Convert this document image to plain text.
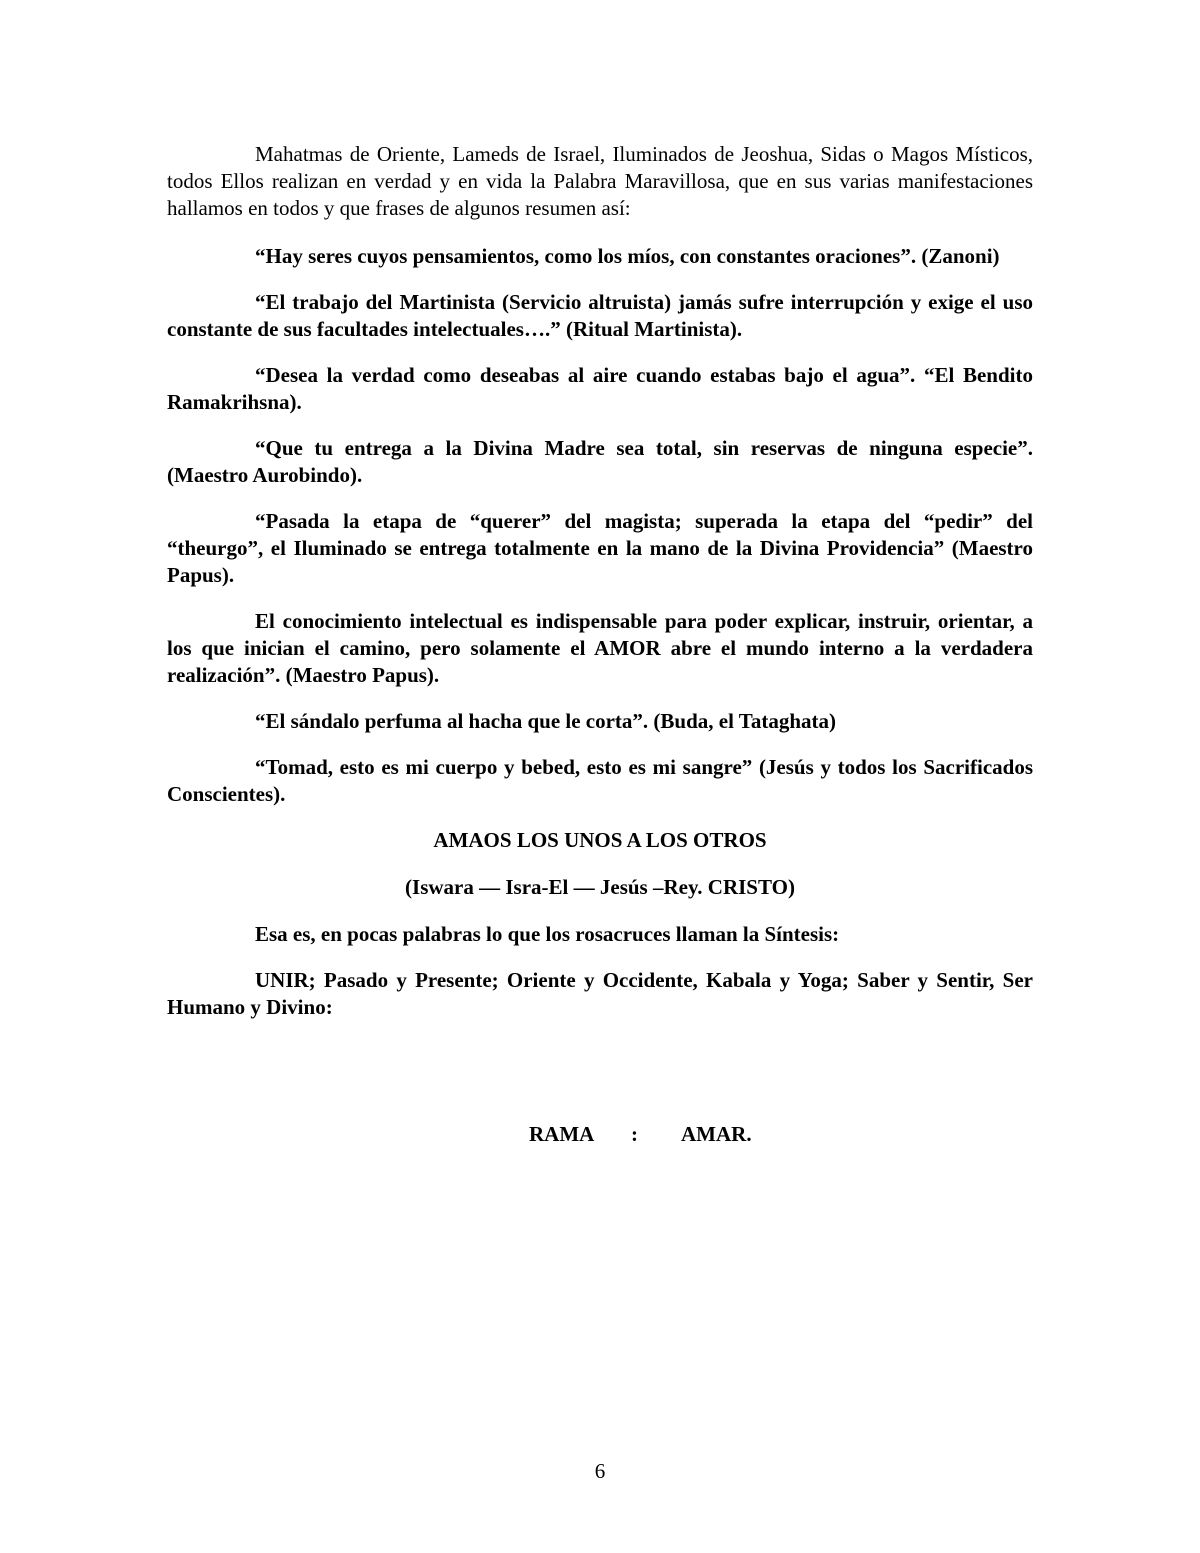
Mahatmas de Oriente, Lameds de Israel, Iluminados de Jeoshua, Sidas o Magos Místicos, todos Ellos realizan en verdad y en vida la Palabra Maravillosa, que en sus varias manifestaciones hallamos en todos y que frases de algunos resumen así:

“Hay seres cuyos pensamientos, como los míos, con constantes oraciones”. (Zanoni)

“El trabajo del Martinista (Servicio altruista) jamás sufre interrupción y exige el uso constante de sus facultades intelectuales….” (Ritual Martinista).

“Desea la verdad como deseabas al aire cuando estabas bajo el agua”. “El Bendito Ramakrihsna).

“Que tu entrega a la Divina Madre sea total, sin reservas de ninguna especie”. (Maestro Aurobindo).

“Pasada la etapa de “querer” del magista; superada la etapa del “pedir” del “theurgo”, el Iluminado se entrega totalmente en la mano de la Divina Providencia” (Maestro Papus).

El conocimiento intelectual es indispensable para poder explicar, instruir, orientar, a los que inician el camino, pero solamente el AMOR abre el mundo interno a la verdadera realización”. (Maestro Papus).

“El sándalo perfuma al hacha que le corta”. (Buda, el Tataghata)

“Tomad, esto es mi cuerpo y bebed, esto es mi sangre” (Jesús y todos los Sacrificados Conscientes).

AMAOS LOS UNOS A LOS OTROS

(Iswara — Isra-El — Jesús –Rey. CRISTO)

Esa es, en pocas palabras lo que los rosacruces llaman la Síntesis:

UNIR; Pasado y Presente; Oriente y Occidente, Kabala y Yoga; Saber y Sentir, Ser Humano y Divino:

RAMA

:

AMAR.

6
